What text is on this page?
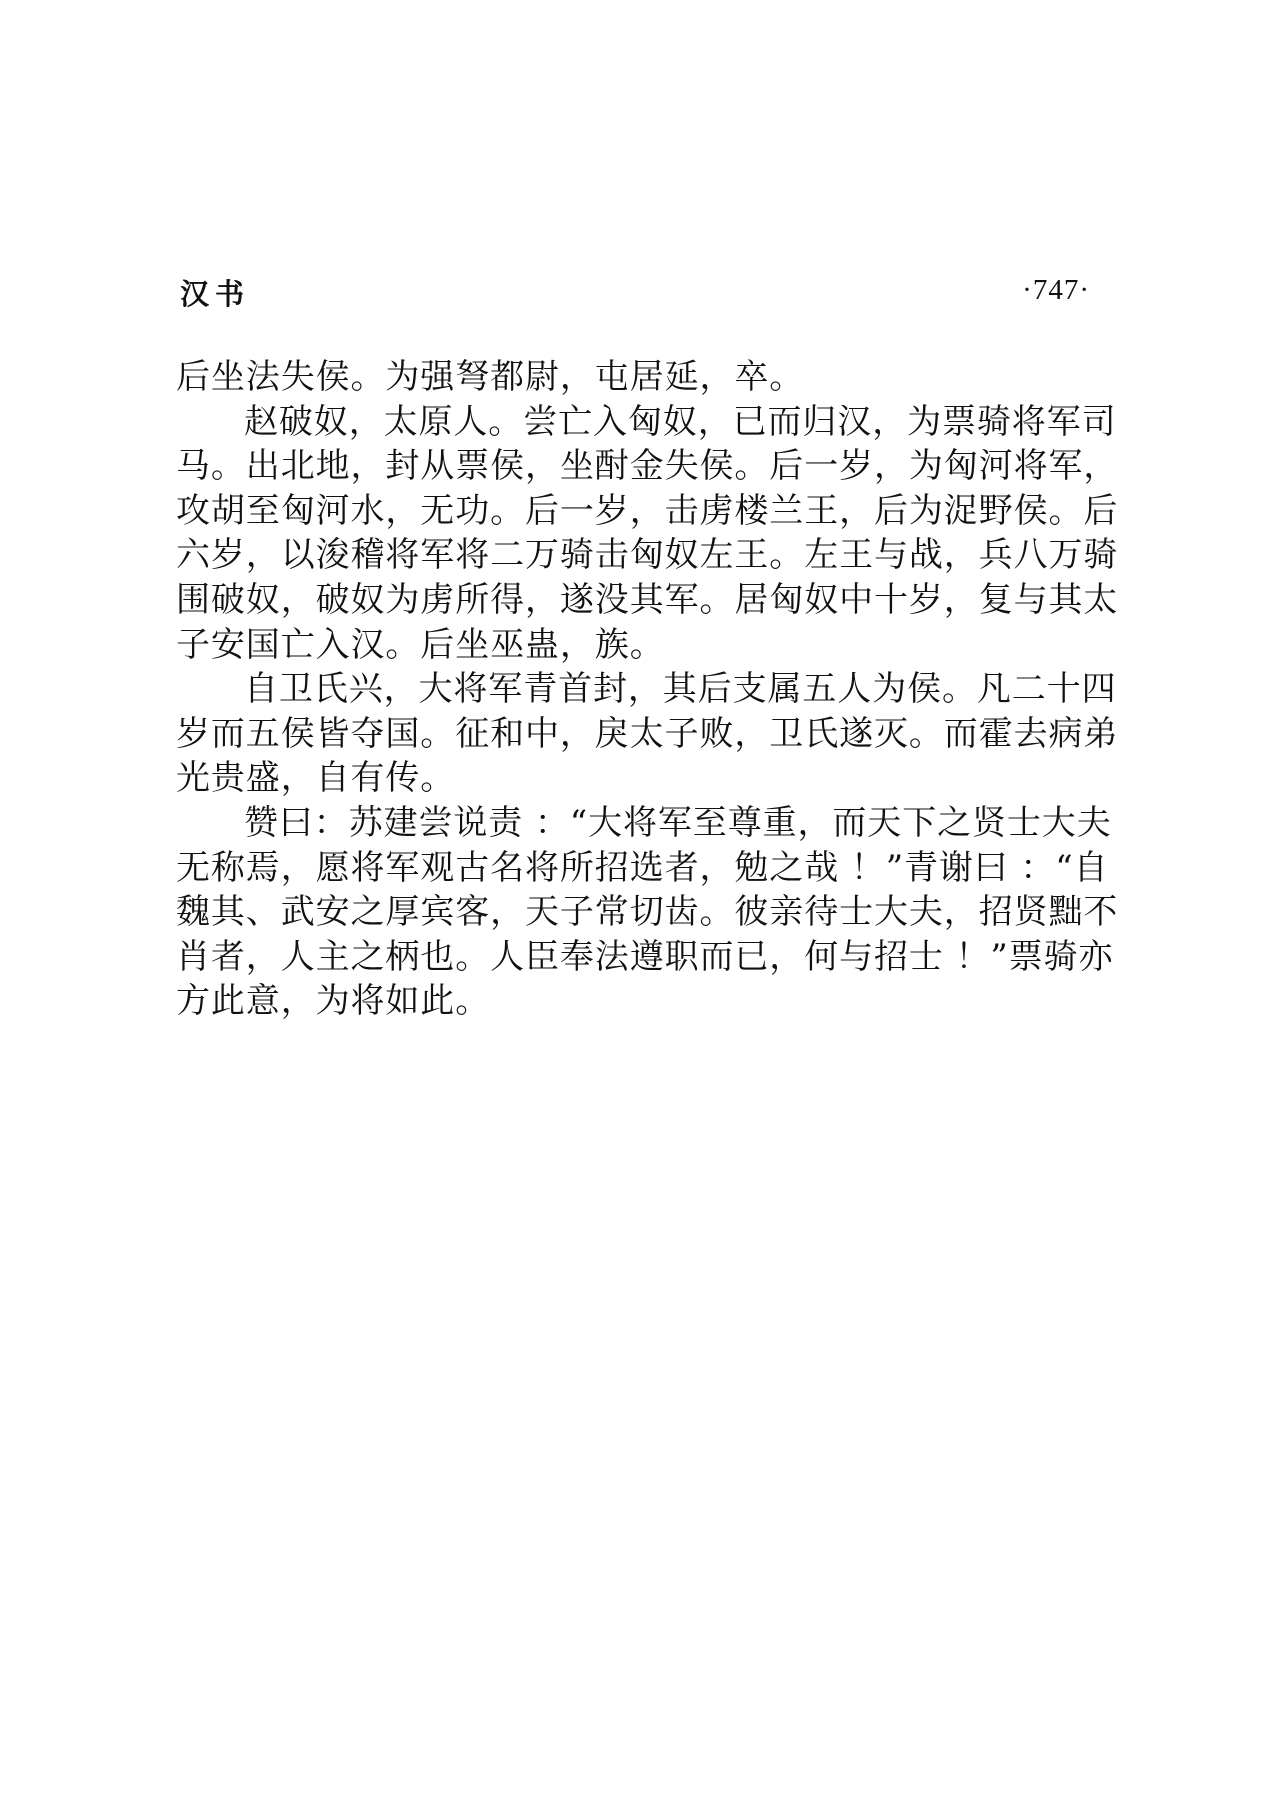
汉书	·747·
后坐法失侯。为强弩都尉，屯居延，卒。
赵破奴，太原人。尝亡入匈奴，已而归汉，为票骑将军司
马。出北地，封从票侯，坐酎金失侯。后一岁，为匈河将军，
攻胡至匈河水，无功。后一岁，击虏楼兰王，后为浞野侯。后
六岁，以浚稽将军将二万骑击匈奴左王。左王与战，兵八万骑
围破奴，破奴为虏所得，遂没其军。居匈奴中十岁，复与其太
子安国亡入汉。后坐巫蛊，族。
自卫氏兴，大将军青首封，其后支属五人为侯。凡二十四
岁而五侯皆夺国。征和中，戾太子败，卫氏遂灭。而霍去病弟
光贵盛，自有传。
赞曰：苏建尝说责 ：“大将军至尊重，而天下之贤士大夫
无称焉，愿将军观古名将所招选者，勉之哉 ！”青谢曰 ：“自
魏其、武安之厚宾客，天子常切齿。彼亲待士大夫，招贤黜不
肖者，人主之柄也。人臣奉法遵职而已，何与招士 ！”票骑亦
方此意，为将如此。
